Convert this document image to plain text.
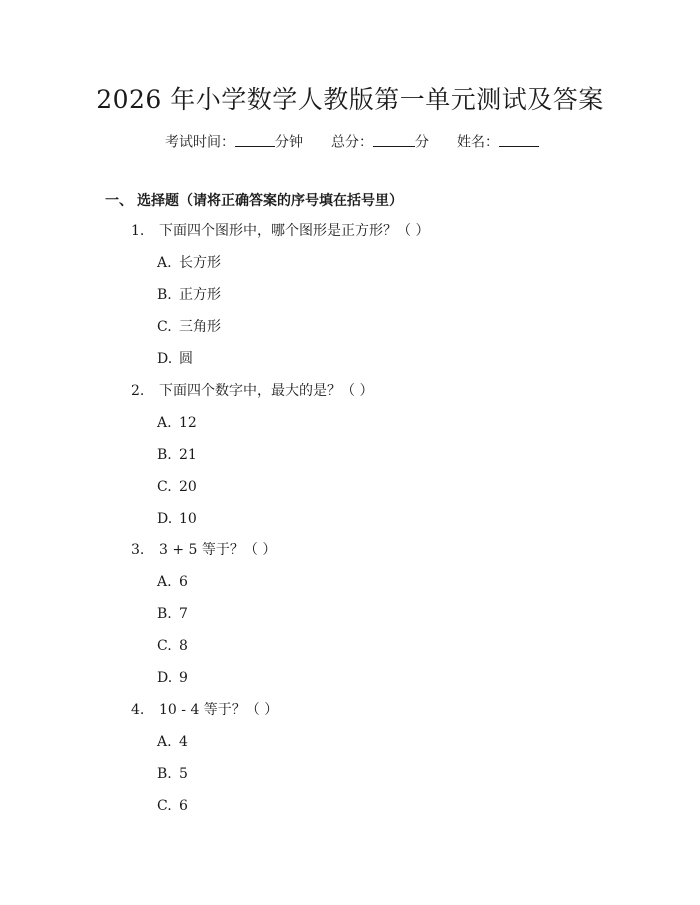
2026 年小学数学人教版第一单元测试及答案
考试时间：	分钟 总分：	分 姓名：
一、 选择题（请将正确答案的序号填在括号里）
1. 下面四个图形中，哪个图形是正方形？（ ）
A. 长方形
B. 正方形
C. 三角形
D. 圆
2. 下面四个数字中，最大的是？（ ）
A. 12
B. 21
C. 20
D. 10
3. 3 + 5 等于？（ ）
A. 6
B. 7
C. 8
D. 9
4. 10 - 4 等于？（ ）
A. 4
B. 5
C. 6
